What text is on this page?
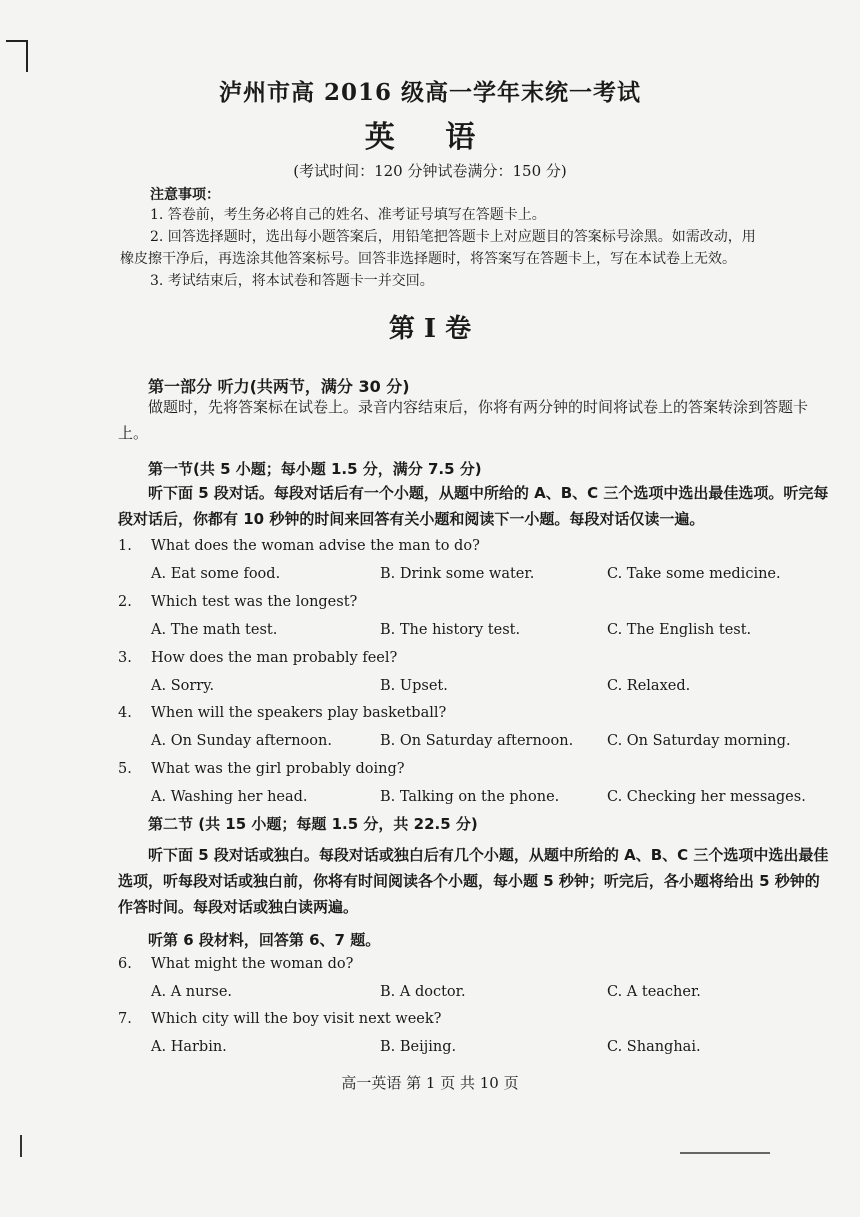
泸州市高 2016 级高一学年末统一考试
英 语
(考试时间：120 分钟试卷满分：150 分)
注意事项：
1. 答卷前，考生务必将自己的姓名、准考证号填写在答题卡上。
2. 回答选择题时，选出每小题答案后，用铅笔把答题卡上对应题目的答案标号涂黑。如需改动，用
橡皮擦干净后，再选涂其他答案标号。回答非选择题时，将答案写在答题卡上，写在本试卷上无效。
3. 考试结束后，将本试卷和答题卡一并交回。
第 I 卷
第一部分 听力(共两节，满分 30 分)
做题时，先将答案标在试卷上。录音内容结束后，你将有两分钟的时间将试卷上的答案转涂到答题卡上。
第一节(共 5 小题；每小题 1.5 分，满分 7.5 分)
听下面 5 段对话。每段对话后有一个小题，从题中所给的 A、B、C 三个选项中选出最佳选项。听完每段对话后，你都有 10 秒钟的时间来回答有关小题和阅读下一小题。每段对话仅读一遍。
1. What does the woman advise the man to do?
A. Eat some food.	B. Drink some water.	C. Take some medicine.
2. Which test was the longest?
A. The math test.	B. The history test.	C. The English test.
3. How does the man probably feel?
A. Sorry.	B. Upset.	C. Relaxed.
4. When will the speakers play basketball?
A. On Sunday afternoon.	B. On Saturday afternoon. C. On Saturday morning.
5. What was the girl probably doing?
A. Washing her head.	B. Talking on the phone.	C. Checking her messages.
第二节 (共 15 小题；每题 1.5 分，共 22.5 分)
听下面 5 段对话或独白。每段对话或独白后有几个小题，从题中所给的 A、B、C 三个选项中选出最佳选项，听每段对话或独白前，你将有时间阅读各个小题，每小题 5 秒钟；听完后，各小题将给出 5 秒钟的作答时间。每段对话或独白读两遍。
听第 6 段材料，回答第 6、7 题。
6. What might the woman do?
A. A nurse.	B. A doctor.	C. A teacher.
7. Which city will the boy visit next week?
A. Harbin.	B. Beijing.	C. Shanghai.
高一英语 第 1 页 共 10 页
